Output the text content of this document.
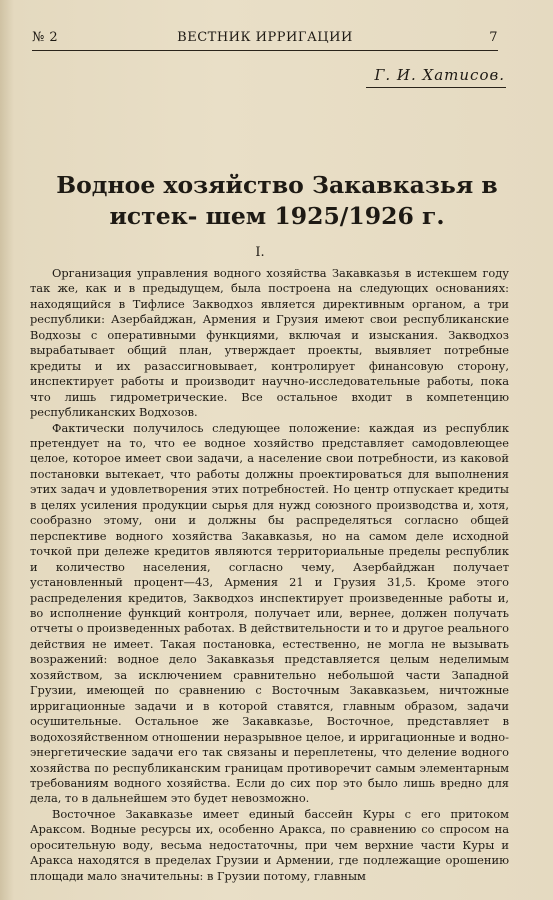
№ 2	ВЕСТНИК ИРРИГАЦИИ	7
Г. И. Хатисов.
Водное хозяйство Закавказья в истек- шем 1925/1926 г.
I.

Организация управления водного хозяйства Закавказья в истекшем году так же, как и в предыдущем, была построена на следующих основаниях: находящийся в Тифлисе Закводхоз является директивным органом, а три республики: Азербайджан, Армения и Грузия имеют свои республиканские Водхозы с оперативными функциями, включая и изыскания. Закводхоз вырабатывает общий план, утверждает проекты, выявляет потребные кредиты и их разассигновывает, контролирует финансовую сторону, инспектирует работы и производит научно-исследовательные работы, пока что лишь гидрометрические. Все остальное входит в компетенцию республиканских Водхозов.

Фактически получилось следующее положение: каждая из республик претендует на то, что ее водное хозяйство представляет самодовлеющее целое, которое имеет свои задачи, а население свои потребности, из каковой постановки вытекает, что работы должны проектироваться для выполнения этих задач и удовлетворения этих потребностей. Но центр отпускает кредиты в целях усиления продукции сырья для нужд союзного производства и, хотя, сообразно этому, они и должны бы распределяться согласно общей перспективе водного хозяйства Закавказья, но на самом деле исходной точкой при дележе кредитов являются территориальные пределы республик и количество населения, согласно чему, Азербайджан получает установленный процент—43, Армения 21 и Грузия 31,5. Кроме этого распределения кредитов, Закводхоз инспектирует произведенные работы и, во исполнение функций контроля, получает или, вернее, должен получать отчеты о произведенных работах. В действительности и то и другое реального действия не имеет. Такая постановка, естественно, не могла не вызывать возражений: водное дело Закавказья представляется целым неделимым хозяйством, за исключением сравнительно небольшой части Западной Грузии, имеющей по сравнению с Восточным Закавказьем, ничтожные ирригационные задачи и в которой ставятся, главным образом, задачи осушительные. Остальное же Закавказье, Восточное, представляет в водохозяйственном отношении неразрывное целое, и ирригационные и водно-энергетические задачи его так связаны и переплетены, что деление водного хозяйства по республиканским границам противоречит самым элементарным требованиям водного хозяйства. Если до сих пор это было лишь вредно для дела, то в дальнейшем это будет невозможно.

Восточное Закавказье имеет единый бассейн Куры с его притоком Араксом. Водные ресурсы их, особенно Аракса, по сравнению со спросом на оросительную воду, весьма недостаточны, при чем верхние части Куры и Аракса находятся в пределах Грузии и Армении, где подлежащие орошению площади мало значительны: в Грузии потому, главным
